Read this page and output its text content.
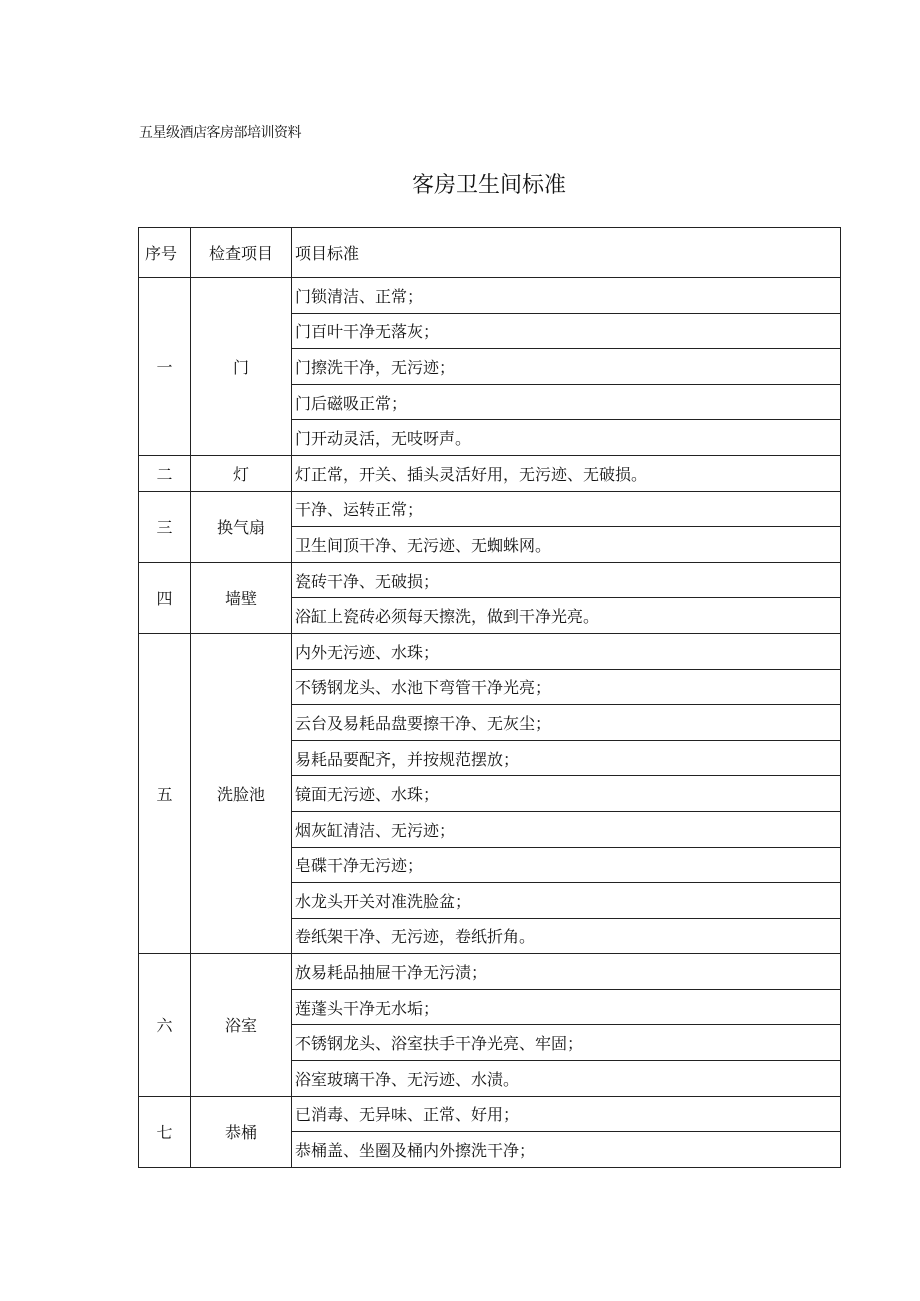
五星级酒店客房部培训资料
客房卫生间标准
序号	检查项目	项目标准
一	门	门锁清洁、正常；
		门百叶干净无落灰；
		门擦洗干净，无污迹；
		门后磁吸正常；
		门开动灵活，无吱呀声。
二	灯	灯正常，开关、插头灵活好用，无污迹、无破损。
三	换气扇	干净、运转正常；
		卫生间顶干净、无污迹、无蜘蛛网。
四	墙壁	瓷砖干净、无破损；
		浴缸上瓷砖必须每天擦洗，做到干净光亮。
五	洗脸池	内外无污迹、水珠；
		不锈钢龙头、水池下弯管干净光亮；
		云台及易耗品盘要擦干净、无灰尘；
		易耗品要配齐，并按规范摆放；
		镜面无污迹、水珠；
		烟灰缸清洁、无污迹；
		皂碟干净无污迹；
		水龙头开关对准洗脸盆；
		卷纸架干净、无污迹，卷纸折角。
六	浴室	放易耗品抽屉干净无污渍；
		莲蓬头干净无水垢；
		不锈钢龙头、浴室扶手干净光亮、牢固；
		浴室玻璃干净、无污迹、水渍。
七	恭桶	已消毒、无异味、正常、好用；
		恭桶盖、坐圈及桶内外擦洗干净；
